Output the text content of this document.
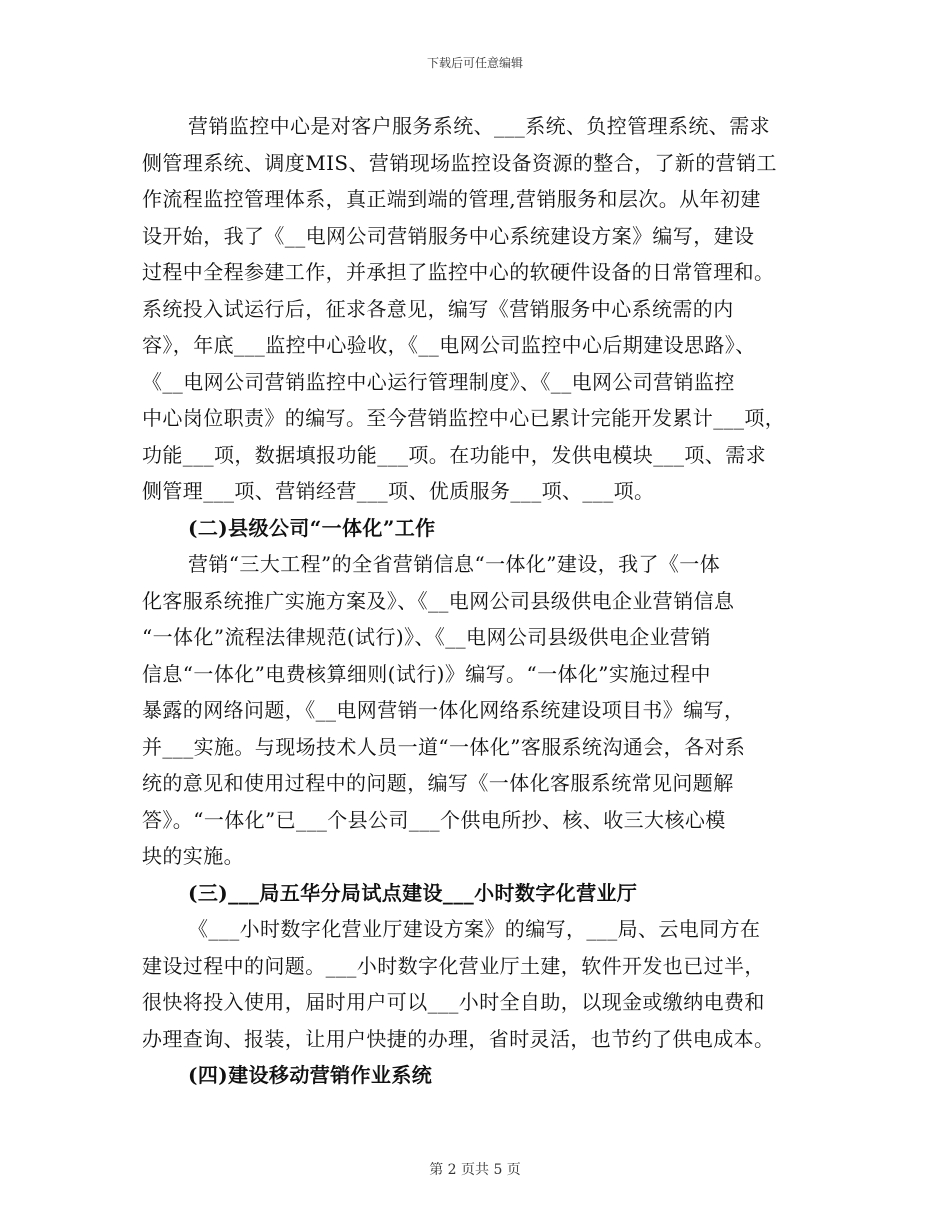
下载后可任意编辑
营销监控中心是对客户服务系统、___系统、负控管理系统、需求
侧管理系统、调度MIS、营销现场监控设备资源的整合，了新的营销工
作流程监控管理体系，真正端到端的管理,营销服务和层次。从年初建
设开始，我了《__电网公司营销服务中心系统建设方案》编写，建设
过程中全程参建工作，并承担了监控中心的软硬件设备的日常管理和。
系统投入试运行后，征求各意见，编写《营销服务中心系统需的内
容》，年底___监控中心验收，《__电网公司监控中心后期建设思路》、
《__电网公司营销监控中心运行管理制度》、《__电网公司营销监控
中心岗位职责》的编写。至今营销监控中心已累计完能开发累计___项，
功能___项，数据填报功能___项。在功能中，发供电模块___项、需求
侧管理___项、营销经营___项、优质服务___项、___项。
(二)县级公司“一体化”工作
营销“三大工程”的全省营销信息“一体化”建设，我了《一体
化客服系统推广实施方案及》、《__电网公司县级供电企业营销信息
“一体化”流程法律规范(试行)》、《__电网公司县级供电企业营销
信息“一体化”电费核算细则(试行)》编写。“一体化”实施过程中
暴露的网络问题，《__电网营销一体化网络系统建设项目书》编写，
并___实施。与现场技术人员一道“一体化”客服系统沟通会，各对系
统的意见和使用过程中的问题，编写《一体化客服系统常见问题解
答》。“一体化”已___个县公司___个供电所抄、核、收三大核心模
块的实施。
(三)___局五华分局试点建设___小时数字化营业厅
《___小时数字化营业厅建设方案》的编写，___局、云电同方在
建设过程中的问题。___小时数字化营业厅土建，软件开发也已过半，
很快将投入使用，届时用户可以___小时全自助，以现金或缴纳电费和
办理查询、报装，让用户快捷的办理，省时灵活，也节约了供电成本。
(四)建设移动营销作业系统
第 2 页共 5 页
